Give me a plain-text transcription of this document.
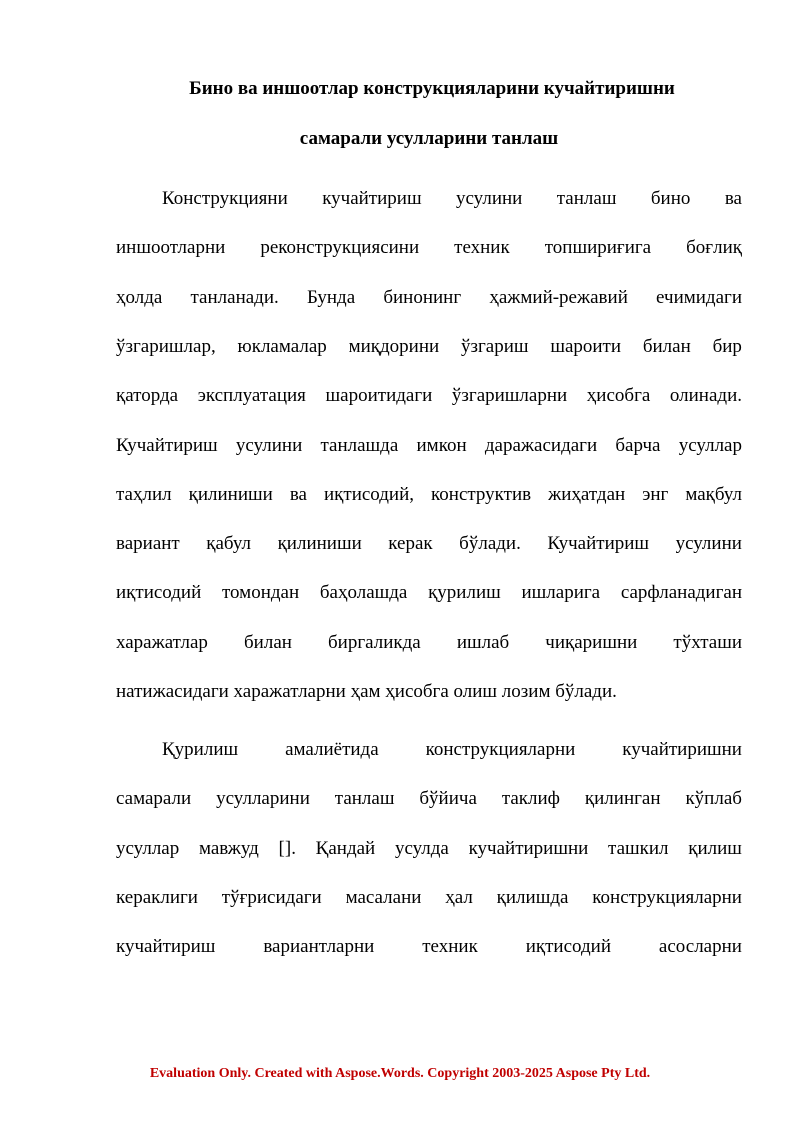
Бино ва иншоотлар конструкцияларини кучайтиришни
самарали усулларини танлаш
Конструкцияни кучайтириш усулини танлаш бино ва
иншоотларни реконструкциясини техник топшириғига боғлиқ
ҳолда танланади. Бунда бинонинг ҳажмий-режавий ечимидаги
ўзгаришлар, юкламалар миқдорини ўзгариш шароити билан бир
қаторда эксплуатация шароитидаги ўзгаришларни ҳисобга олинади.
Кучайтириш усулини танлашда имкон даражасидаги барча усуллар
таҳлил қилиниши ва иқтисодий, конструктив жиҳатдан энг мақбул
вариант қабул қилиниши керак бўлади. Кучайтириш усулини
иқтисодий томондан баҳолашда қурилиш ишларига сарфланадиган
харажатлар билан биргаликда ишлаб чиқаришни тўхташи
натижасидаги харажатларни ҳам ҳисобга олиш лозим бўлади.
Қурилиш амалиётида конструкцияларни кучайтиришни
самарали усулларини танлаш бўйича таклиф қилинган кўплаб
усуллар мавжуд []. Қандай усулда кучайтиришни ташкил қилиш
кераклиги тўғрисидаги масалани ҳал қилишда конструкцияларни
кучайтириш	вариантларни	техник	иқтисодий	асосларни
Evaluation Only. Created with Aspose.Words. Copyright 2003-2025 Aspose Pty Ltd.
